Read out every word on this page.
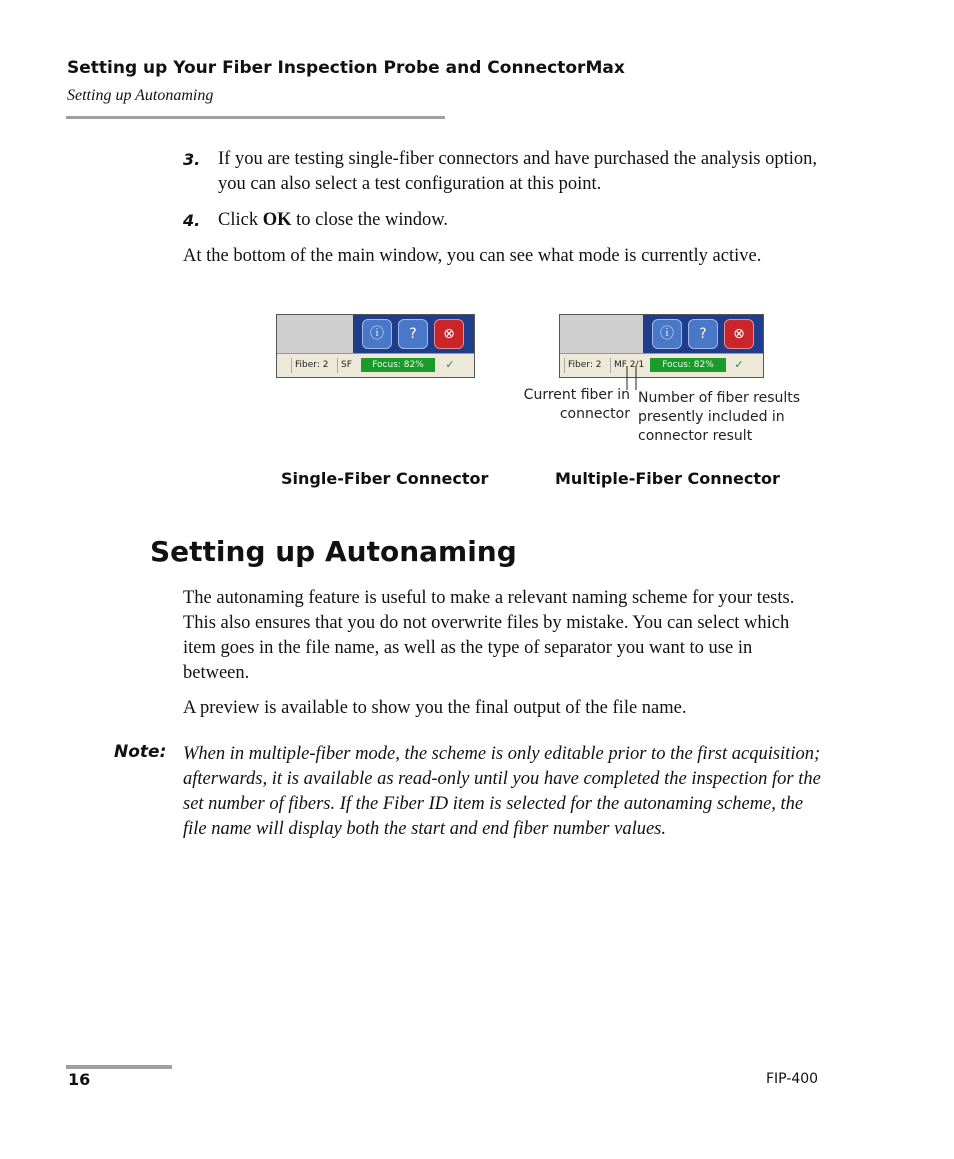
Setting up Your Fiber Inspection Probe and ConnectorMax
Setting up Autonaming
3. If you are testing single-fiber connectors and have purchased the analysis option, you can also select a test configuration at this point.
4. Click OK to close the window.
At the bottom of the main window, you can see what mode is currently active.
ⓘ	?	⊗
Fiber: 2	SF	Focus: 82%	✓
ⓘ	?	⊗
Fiber: 2	MF 2/1	Focus: 82%	✓
Current fiber in connector
Number of fiber results presently included in connector result
Single-Fiber Connector	Multiple-Fiber Connector
Setting up Autonaming
The autonaming feature is useful to make a relevant naming scheme for your tests. This also ensures that you do not overwrite files by mistake. You can select which item goes in the file name, as well as the type of separator you want to use in between.
A preview is available to show you the final output of the file name.
Note: When in multiple-fiber mode, the scheme is only editable prior to the first acquisition; afterwards, it is available as read-only until you have completed the inspection for the set number of fibers. If the Fiber ID item is selected for the autonaming scheme, the file name will display both the start and end fiber number values.
16	FIP-400
